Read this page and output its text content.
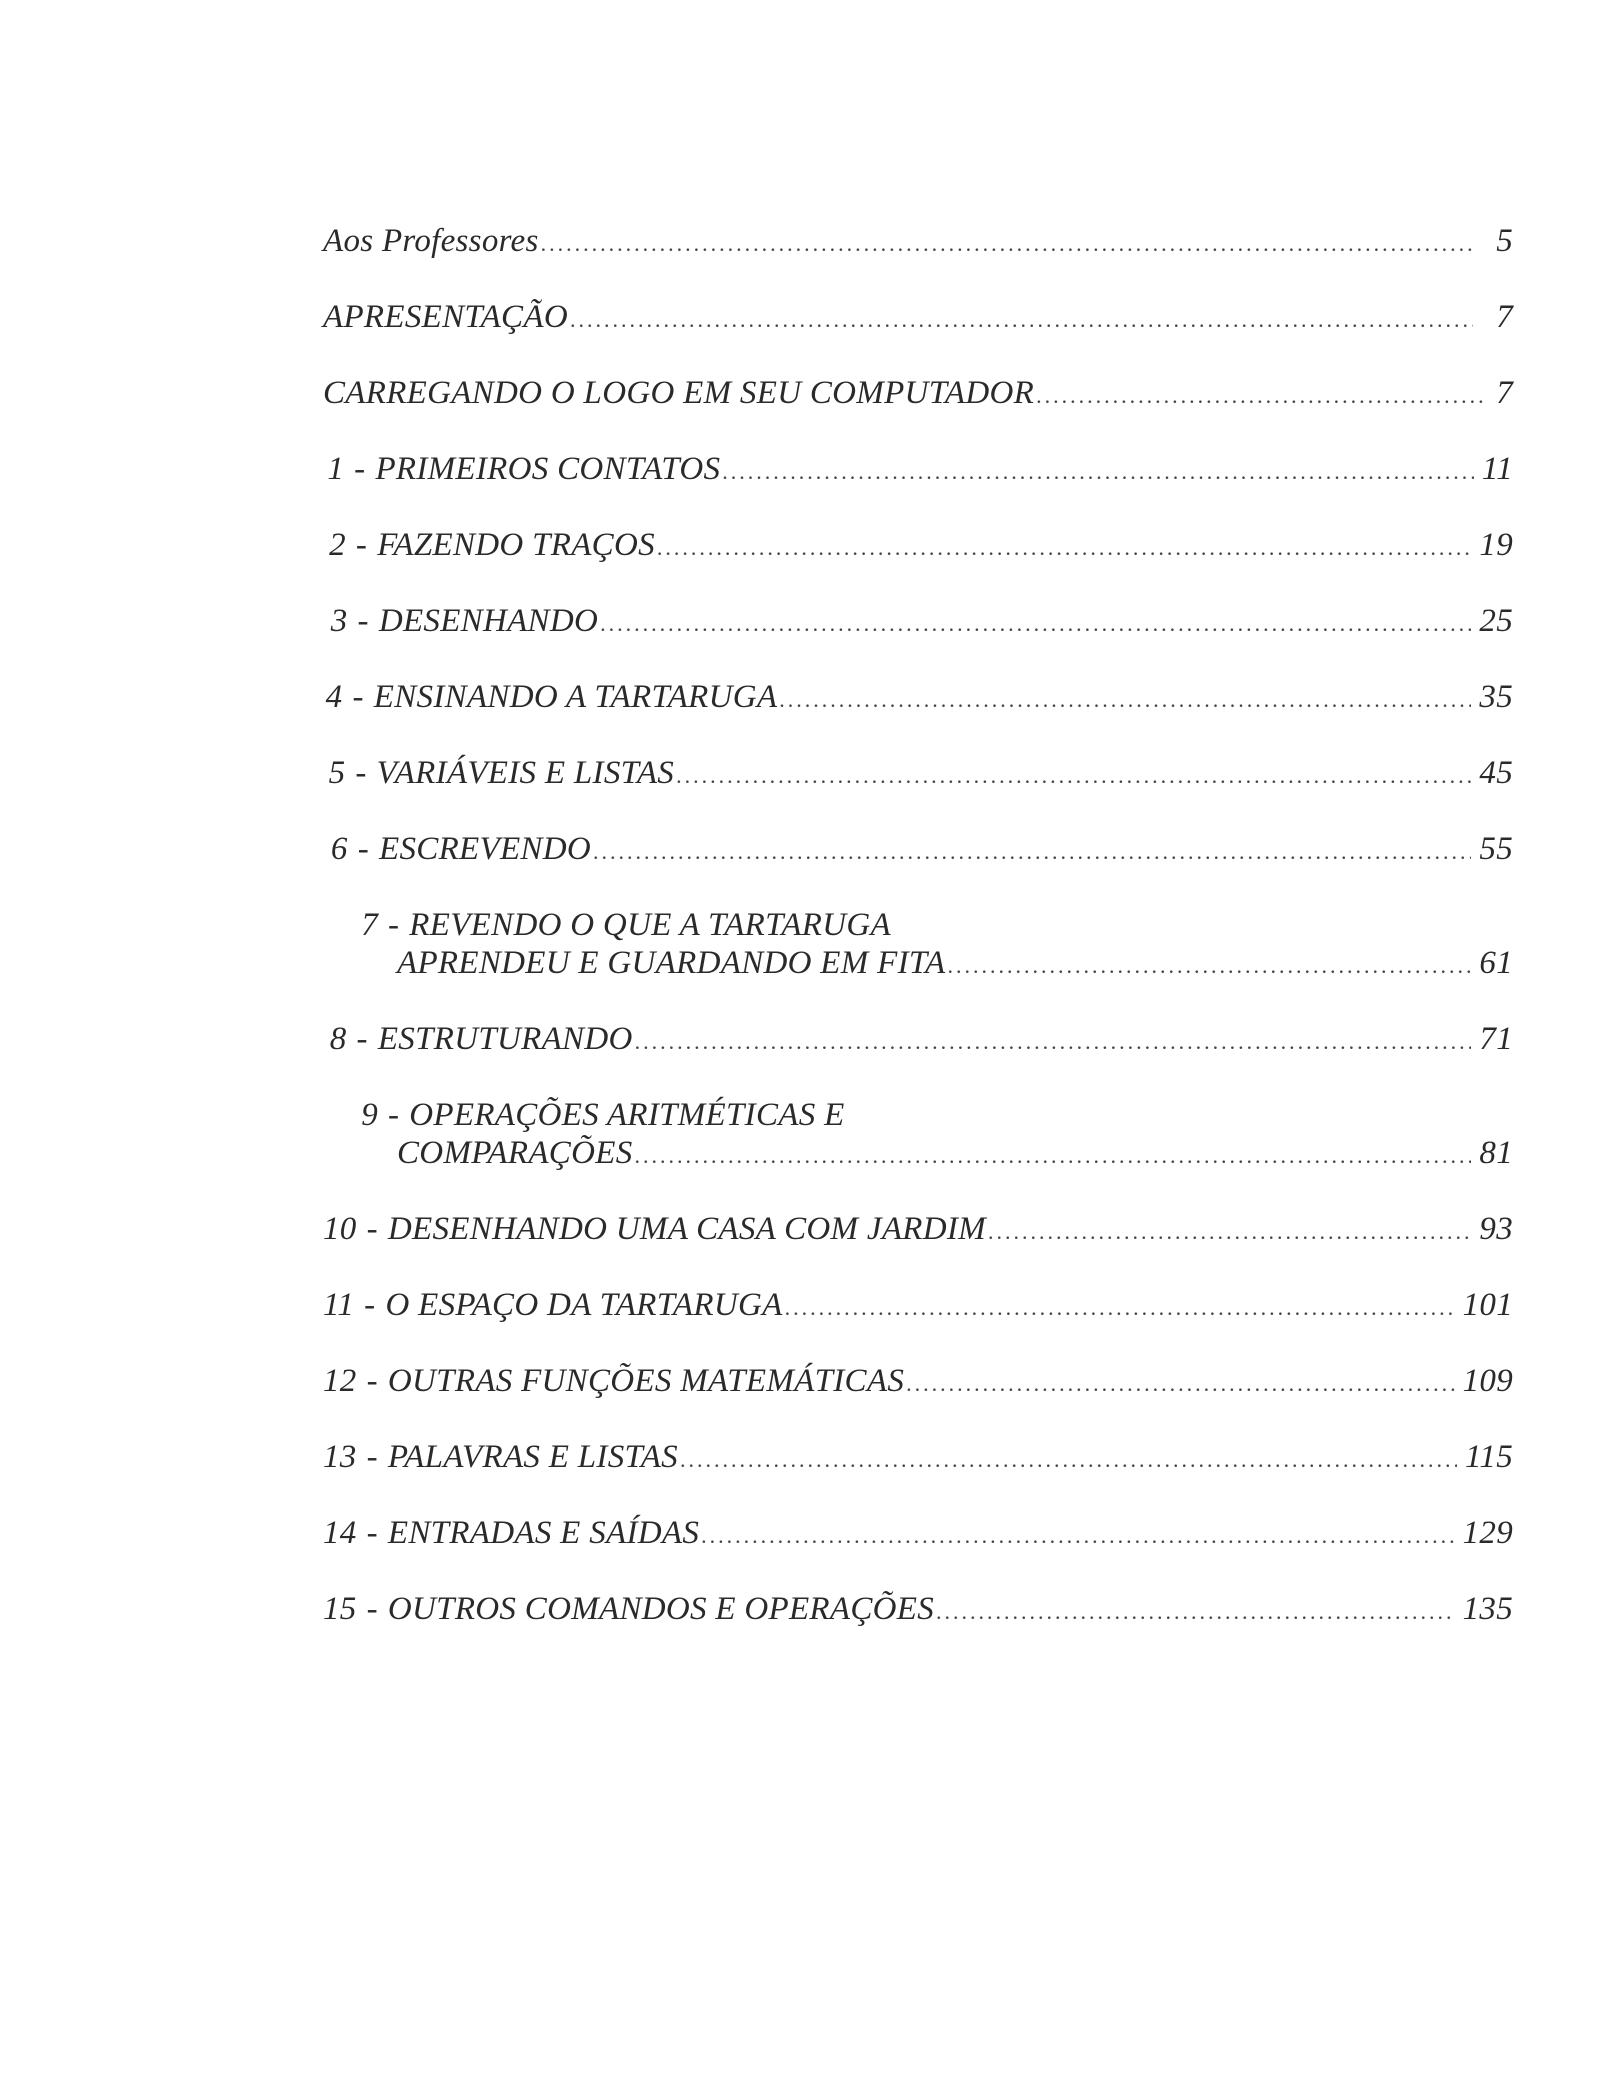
Aos Professores .....	5
APRESENTAÇÃO .....	7
CARREGANDO O LOGO EM SEU COMPUTADOR .....	7
1 - PRIMEIROS CONTATOS .....	11
2 - FAZENDO TRAÇOS .....	19
3 - DESENHANDO .....	25
4 - ENSINANDO A TARTARUGA .....	35
5 - VARIÁVEIS E LISTAS .....	45
6 - ESCREVENDO .....	55
7 - REVENDO O QUE A TARTARUGA
APRENDEU E GUARDANDO EM FITA .....	61
8 - ESTRUTURANDO .....	71
9 - OPERAÇÕES ARITMÉTICAS E
COMPARAÇÕES .....	81
10 - DESENHANDO UMA CASA COM JARDIM .....	93
11 - O ESPAÇO DA TARTARUGA .....	101
12 - OUTRAS FUNÇÕES MATEMÁTICAS .....	109
13 - PALAVRAS E LISTAS .....	115
14 - ENTRADAS E SAÍDAS .....	129
15 - OUTROS COMANDOS E OPERAÇÕES .....	135
